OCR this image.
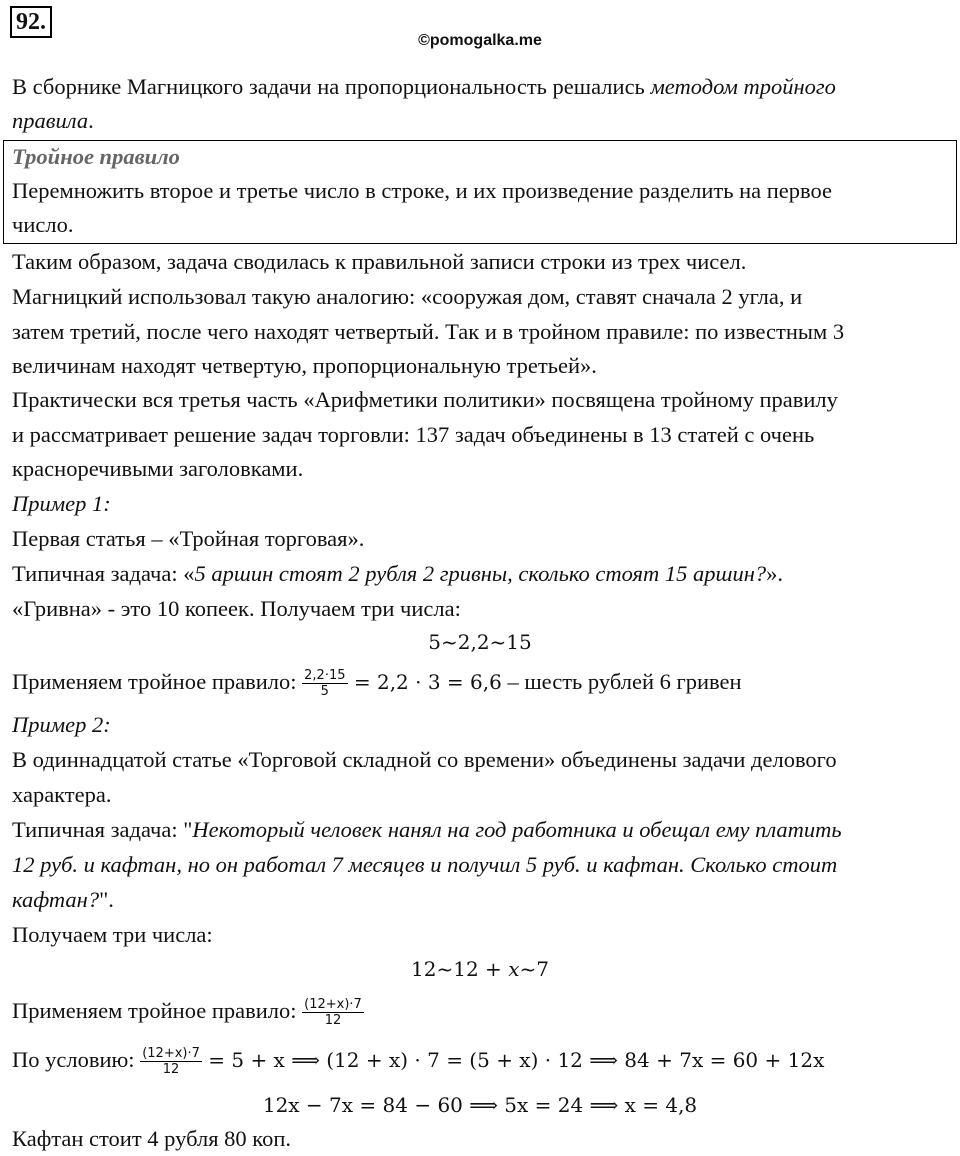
92.
©pomogalka.me
В сборнике Магницкого задачи на пропорциональность решались методом тройного
правила.
Тройное правило
Перемножить второе и третье число в строке, и их произведение разделить на первое
число.
Таким образом, задача сводилась к правильной записи строки из трех чисел.
Магницкий использовал такую аналогию: «сооружая дом, ставят сначала 2 угла, и
затем третий, после чего находят четвертый. Так и в тройном правиле: по известным 3
величинам находят четвертую, пропорциональную третьей».
Практически вся третья часть «Арифметики политики» посвящена тройному правилу
и рассматривает решение задач торговли: 137 задач объединены в 13 статей с очень
красноречивыми заголовками.
Пример 1:
Первая статья – «Тройная торговая».
Типичная задача: «5 аршин стоят 2 рубля 2 гривны, сколько стоят 15 аршин?».
«Гривна» - это 10 копеек. Получаем три числа:
5~2,2~15
Применяем тройное правило: $\frac{2,2\cdot 15}{5} = 2,2 \cdot 3 = 6,6$ – шесть рублей 6 гривен
Пример 2:
В одиннадцатой статье «Торговой складной со времени» объединены задачи делового
характера.
Типичная задача: "Некоторый человек нанял на год работника и обещал ему платить
12 руб. и кафтан, но он работал 7 месяцев и получил 5 руб. и кафтан. Сколько стоит
кафтан?".
Получаем три числа:
12~12 + x~7
Применяем тройное правило: $\frac{(12+x)\cdot 7}{12}$
По условию: $\frac{(12+x)\cdot 7}{12} = 5 + x$ ⟹ (12 + x) · 7 = (5 + x) · 12 ⟹ 84 + 7x = 60 + 12x
12x − 7x = 84 − 60 ⟹ 5x = 24 ⟹ x = 4,8
Кафтан стоит 4 рубля 80 коп.
